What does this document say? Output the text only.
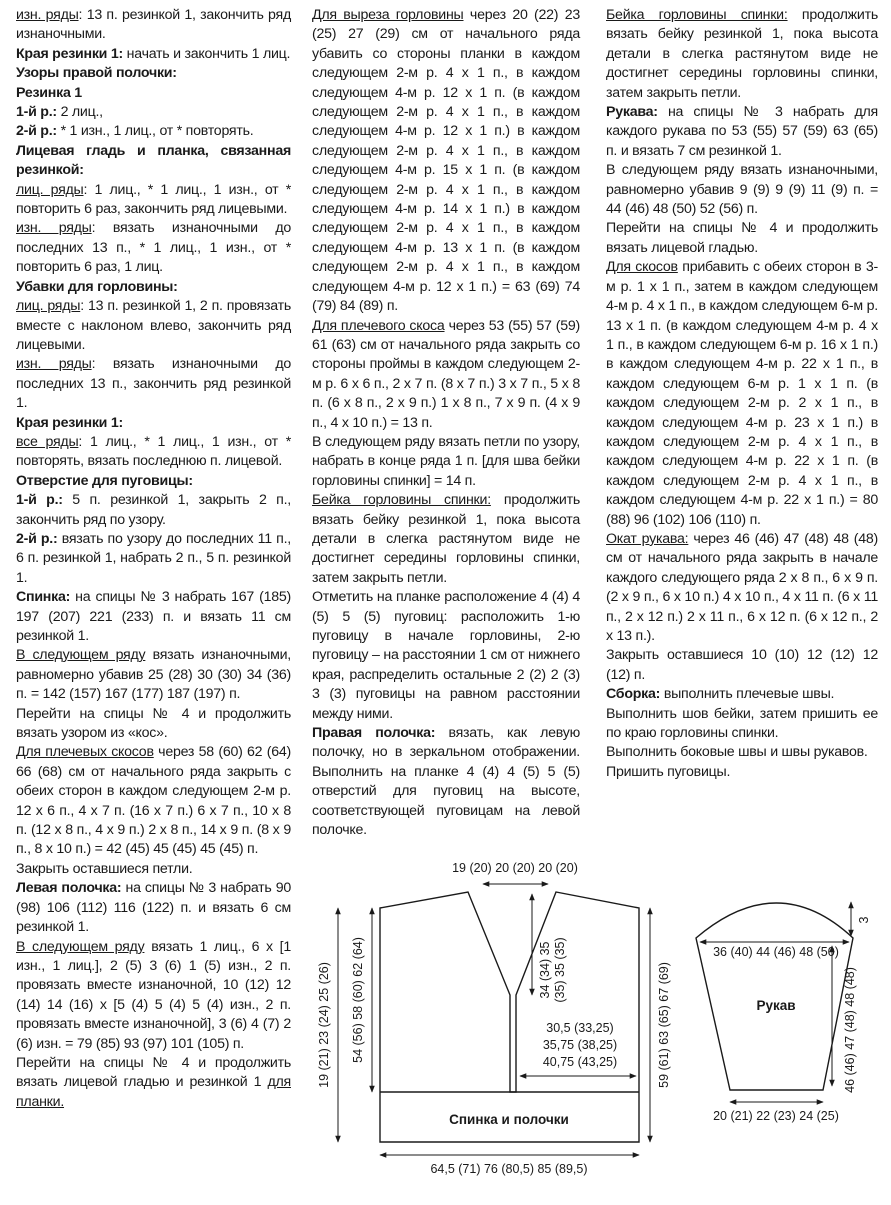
изн. ряды: 13 п. резинкой 1, закончить ряд изнаночными.

Края резинки 1: начать и закончить 1 лиц.

Узоры правой полочки:

Резинка 1

1-й р.: 2 лиц.,

2-й р.: * 1 изн., 1 лиц., от * повторять.

Лицевая гладь и планка, связанная резинкой:

лиц. ряды: 1 лиц., * 1 лиц., 1 изн., от * повторить 6 раз, закончить ряд лицевыми.

изн. ряды: вязать изнаночными до последних 13 п., * 1 лиц., 1 изн., от * повторить 6 раз, 1 лиц.

Убавки для горловины:

лиц. ряды: 13 п. резинкой 1, 2 п. провязать вместе с наклоном влево, закончить ряд лицевыми.

изн. ряды: вязать изнаночными до последних 13 п., закончить ряд резинкой 1.

Края резинки 1:

все ряды: 1 лиц., * 1 лиц., 1 изн., от * повторять, вязать последнюю п. лицевой.

Отверстие для пуговицы:

1-й р.: 5 п. резинкой 1, закрыть 2 п., закончить ряд по узору.

2-й р.: вязать по узору до последних 11 п., 6 п. резинкой 1, набрать 2 п., 5 п. резинкой 1.

Спинка: на спицы № 3 набрать 167 (185) 197 (207) 221 (233) п. и вязать 11 см резинкой 1.

В следующем ряду вязать изнаночными, равномерно убавив 25 (28) 30 (30) 34 (36) п. = 142 (157) 167 (177) 187 (197) п.

Перейти на спицы № 4 и продолжить вязать узором из «кос».

Для плечевых скосов через 58 (60) 62 (64) 66 (68) см от начального ряда закрыть с обеих сторон в каждом следующем 2-м р. 12 х 6 п., 4 х 7 п. (16 х 7 п.) 6 х 7 п., 10 х 8 п. (12 х 8 п., 4 х 9 п.) 2 х 8 п., 14 х 9 п. (8 х 9 п., 8 х 10 п.) = 42 (45) 45 (45) 45 (45) п.

Закрыть оставшиеся петли.

Левая полочка: на спицы № 3 набрать 90 (98) 106 (112) 116 (122) п. и вязать 6 см резинкой 1.

В следующем ряду вязать 1 лиц., 6 х [1 изн., 1 лиц.], 2 (5) 3 (6) 1 (5) изн., 2 п. провязать вместе изнаночной, 10 (12) 12 (14) 14 (16) х [5 (4) 5 (4) 5 (4) изн., 2 п. провязать вместе изнаночной], 3 (6) 4 (7) 2 (6) изн. = 79 (85) 93 (97) 101 (105) п.

Перейти на спицы № 4 и продолжить вязать лицевой гладью и резинкой 1 для планки.

Для выреза горловины через 20 (22) 23 (25) 27 (29) см от начального ряда убавить со стороны планки в каждом следующем 2-м р. 4 х 1 п., в каждом следующем 4-м р. 12 х 1 п. (в каждом следующем 2-м р. 4 х 1 п., в каждом следующем 4-м р. 12 х 1 п.) в каждом следующем 2-м р. 4 х 1 п., в каждом следующем 4-м р. 15 х 1 п. (в каждом следующем 2-м р. 4 х 1 п., в каждом следующем 4-м р. 14 х 1 п.) в каждом следующем 2-м р. 4 х 1 п., в каждом следующем 4-м р. 13 х 1 п. (в каждом следующем 2-м р. 4 х 1 п., в каждом следующем 4-м р. 12 х 1 п.) = 63 (69) 74 (79) 84 (89) п.

Для плечевого скоса через 53 (55) 57 (59) 61 (63) см от начального ряда закрыть со стороны проймы в каждом следующем 2-м р. 6 х 6 п., 2 х 7 п. (8 х 7 п.) 3 х 7 п., 5 х 8 п. (6 х 8 п., 2 х 9 п.) 1 х 8 п., 7 х 9 п. (4 х 9 п., 4 х 10 п.) = 13 п.

В следующем ряду вязать петли по узору, набрать в конце ряда 1 п. [для шва бейки горловины спинки] = 14 п.

Бейка горловины спинки: продолжить вязать бейку резинкой 1, пока высота детали в слегка растянутом виде не достигнет середины горловины спинки, затем закрыть петли.

Отметить на планке расположение 4 (4) 4 (5) 5 (5) пуговиц: расположить 1-ю пуговицу в начале горловины, 2-ю пуговицу – на расстоянии 1 см от нижнего края, распределить остальные 2 (2) 2 (3) 3 (3) пуговицы на равном расстоянии между ними.

Правая полочка: вязать, как левую полочку, но в зеркальном отображении. Выполнить на планке 4 (4) 4 (5) 5 (5) отверстий для пуговиц на высоте, соответствующей пуговицам на левой полочке.

Бейка горловины спинки: продолжить вязать бейку резинкой 1, пока высота детали в слегка растянутом виде не достигнет середины горловины спинки, затем закрыть петли.

Рукава: на спицы № 3 набрать для каждого рукава по 53 (55) 57 (59) 63 (65) п. и вязать 7 см резинкой 1.

В следующем ряду вязать изнаночными, равномерно убавив 9 (9) 9 (9) 11 (9) п. = 44 (46) 48 (50) 52 (56) п.

Перейти на спицы № 4 и продолжить вязать лицевой гладью.

Для скосов прибавить с обеих сторон в 3-м р. 1 х 1 п., затем в каждом следующем 4-м р. 4 х 1 п., в каждом следующем 6-м р. 13 х 1 п. (в каждом следующем 4-м р. 4 х 1 п., в каждом следующем 6-м р. 16 х 1 п.) в каждом следующем 4-м р. 22 х 1 п., в каждом следующем 6-м р. 1 х 1 п. (в каждом следующем 2-м р. 2 х 1 п., в каждом следующем 4-м р. 23 х 1 п.) в каждом следующем 2-м р. 4 х 1 п., в каждом следующем 4-м р. 22 х 1 п. (в каждом следующем 2-м р. 4 х 1 п., в каждом следующем 4-м р. 22 х 1 п.) = 80 (88) 96 (102) 106 (110) п.

Окат рукава: через 46 (46) 47 (48) 48 (48) см от начального ряда закрыть в начале каждого следующего ряда 2 х 8 п., 6 х 9 п. (2 х 9 п., 6 х 10 п.) 4 х 10 п., 4 х 11 п. (6 х 11 п., 2 х 12 п.) 2 х 11 п., 6 х 12 п. (6 х 12 п., 2 х 13 п.).

Закрыть оставшиеся 10 (10) 12 (12) 12 (12) п.

Сборка: выполнить плечевые швы.

Выполнить шов бейки, затем пришить ее по краю горловины спинки.

Выполнить боковые швы и швы рукавов.

Пришить пуговицы.

19 (20) 20 (20) 20 (20)
64,5 (71) 76 (80,5) 85 (89,5)
19 (21) 23 (24) 25 (26) 54 (56) 58 (60) 62 (64)	34 (34) 35 (35) 35 (35)	59 (61) 63 (65) 67 (69)
30,5 (33,25)
35,75 (38,25)
40,75 (43,25)
Спинка и полочки
36 (40) 44 (46) 48 (50)
3
46 (46) 47 (48) 48 (48)
20 (21) 22 (23) 24 (25)
Рукав
